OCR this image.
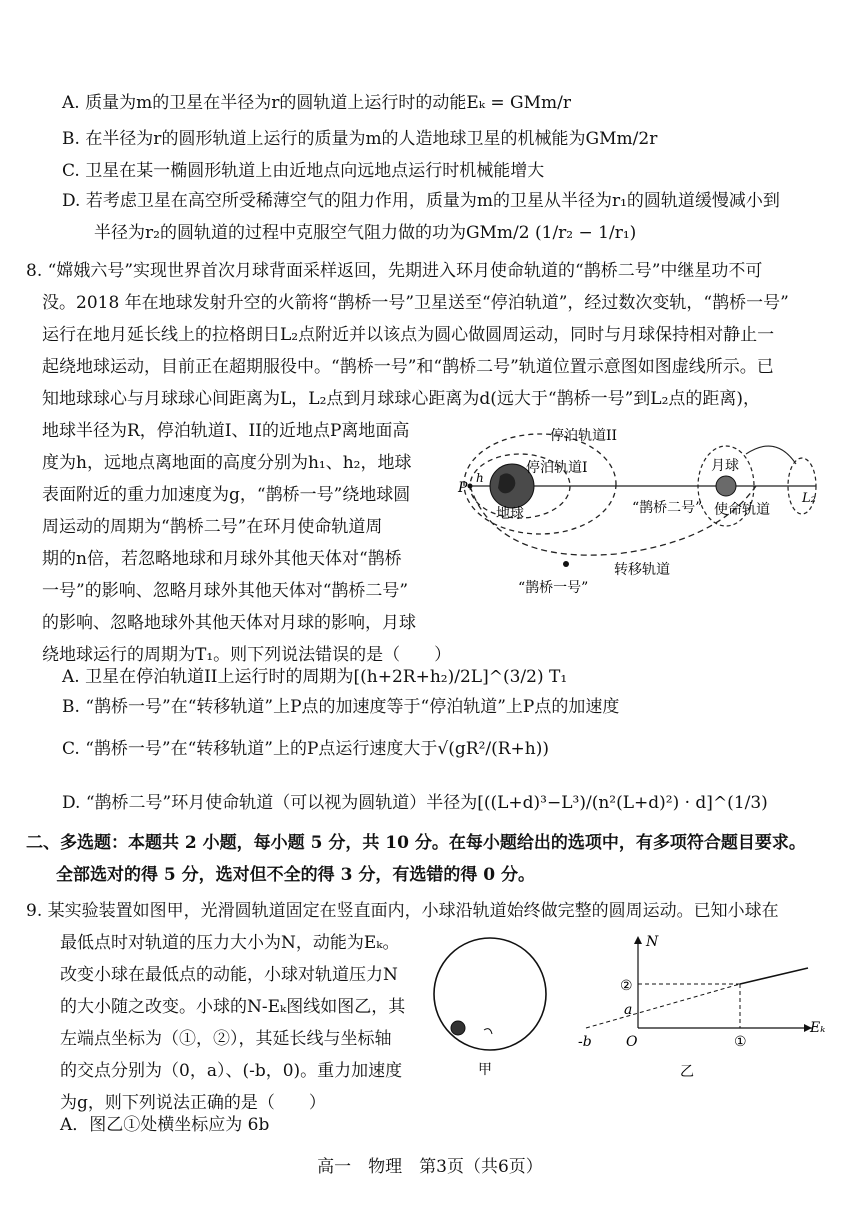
A. 质量为m的卫星在半径为r的圆轨道上运行时的动能Eₖ = GMm/r
B. 在半径为r的圆形轨道上运行的质量为m的人造地球卫星的机械能为GMm/2r
C. 卫星在某一椭圆形轨道上由近地点向远地点运行时机械能增大
D. 若考虑卫星在高空所受稀薄空气的阻力作用，质量为m的卫星从半径为r₁的圆轨道缓慢减小到
半径为r₂的圆轨道的过程中克服空气阻力做的功为GMm/2 (1/r₂ − 1/r₁)
8. “嫦娥六号”实现世界首次月球背面采样返回，先期进入环月使命轨道的“鹊桥二号”中继星功不可
没。2018 年在地球发射升空的火箭将“鹊桥一号”卫星送至“停泊轨道”，经过数次变轨，“鹊桥一号”
运行在地月延长线上的拉格朗日L₂点附近并以该点为圆心做圆周运动，同时与月球保持相对静止一
起绕地球运动，目前正在超期服役中。“鹊桥一号”和“鹊桥二号”轨道位置示意图如图虚线所示。已
知地球球心与月球球心间距离为L，L₂点到月球球心距离为d(远大于“鹊桥一号”到L₂点的距离)，
地球半径为R，停泊轨道I、II的近地点P离地面高
度为h，远地点离地面的高度分别为h₁、h₂，地球
表面附近的重力加速度为g，“鹊桥一号”绕地球圆
周运动的周期为“鹊桥二号”在环月使命轨道周
期的n倍，若忽略地球和月球外其他天体对“鹊桥
一号”的影响、忽略月球外其他天体对“鹊桥二号”
的影响、忽略地球外其他天体对月球的影响，月球
绕地球运行的周期为T₁。则下列说法错误的是（　　）
停泊轨道II
停泊轨道I	月球
地球
P
h
L₂
“鹊桥二号” 使命轨道
转移轨道
“鹊桥一号”
A. 卫星在停泊轨道II上运行时的周期为[(h+2R+h₂)/2L]^(3/2) T₁
B. “鹊桥一号”在“转移轨道”上P点的加速度等于“停泊轨道”上P点的加速度
C. “鹊桥一号”在“转移轨道”上的P点运行速度大于√(gR²/(R+h))
D. “鹊桥二号”环月使命轨道（可以视为圆轨道）半径为[((L+d)³−L³)/(n²(L+d)²) · d]^(1/3)
二、多选题：本题共 2 小题，每小题 5 分，共 10 分。在每小题给出的选项中，有多项符合题目要求。
全部选对的得 5 分，选对但不全的得 3 分，有选错的得 0 分。
9. 某实验装置如图甲，光滑圆轨道固定在竖直面内，小球沿轨道始终做完整的圆周运动。已知小球在
最低点时对轨道的压力大小为N，动能为Eₖ。
改变小球在最低点的动能，小球对轨道压力N
的大小随之改变。小球的N-Eₖ图线如图乙，其
左端点坐标为（①，②），其延长线与坐标轴
的交点分别为（0，a）、(-b，0)。重力加速度
为g，则下列说法正确的是（　　）
A．图乙①处横坐标应为 6b
甲
N
Eₖ
②
a
-b O	①
乙
高一　物理　第3页（共6页）
